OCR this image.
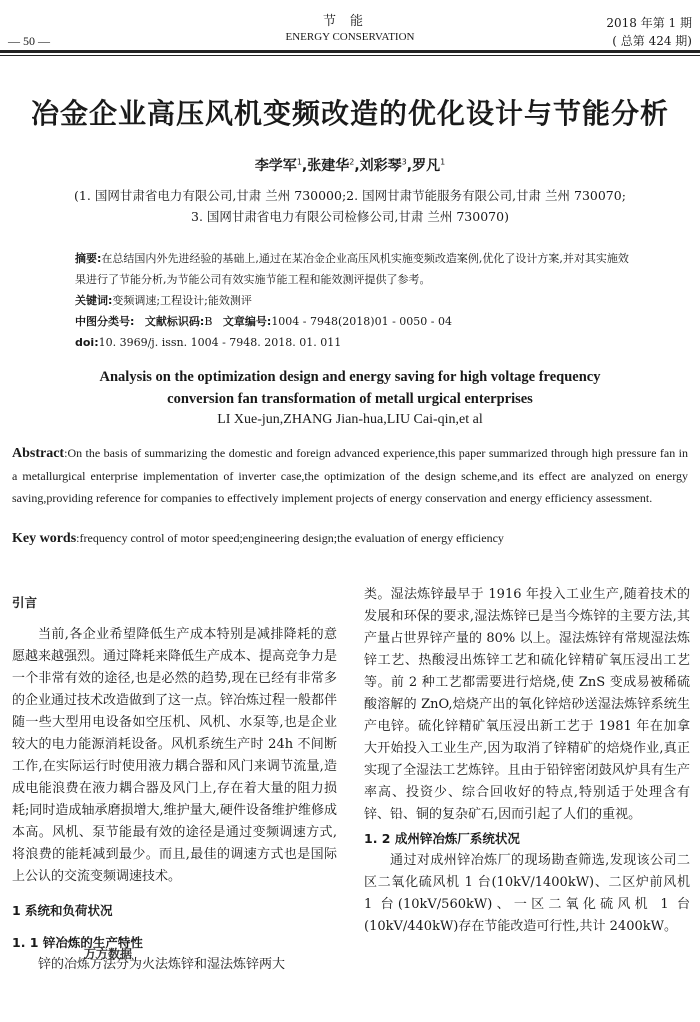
节能
ENERGY CONSERVATION
— 50 —
2018 年第 1 期
( 总第 424 期)
冶金企业高压风机变频改造的优化设计与节能分析
李学军$^1$,张建华$^2$,刘彩琴$^3$,罗凡$^1$
(1. 国网甘肃省电力有限公司,甘肃 兰州 730000;2. 国网甘肃节能服务有限公司,甘肃 兰州 730070;
3. 国网甘肃省电力有限公司检修公司,甘肃 兰州 730070)
摘要:在总结国内外先进经验的基础上,通过在某冶金企业高压风机实施变频改造案例,优化了设计方案,并对其实施效果进行了节能分析,为节能公司有效实施节能工程和能效测评提供了参考。
关键词:变频调速;工程设计;能效测评
中图分类号: 文献标识码:B 文章编号:1004 - 7948(2018)01 - 0050 - 04
doi:10. 3969/j. issn. 1004 - 7948. 2018. 01. 011
Analysis on the optimization design and energy saving for high voltage frequency
conversion fan transformation of metall urgical enterprises
LI Xue-jun,ZHANG Jian-hua,LIU Cai-qin,et al
Abstract:On the basis of summarizing the domestic and foreign advanced experience,this paper summarized through high pressure fan in a metallurgical enterprise implementation of inverter case,the optimization of the design scheme,and its effect are analyzed on energy saving,providing reference for companies to effectively implement projects of energy conservation and energy efficiency assessment.
Key words:frequency control of motor speed;engineering design;the evaluation of energy efficiency
引言

当前,各企业希望降低生产成本特别是减排降耗的意愿越来越强烈。通过降耗来降低生产成本、提高竞争力是一个非常有效的途径,也是必然的趋势,现在已经有非常多的企业通过技术改造做到了这一点。锌冶炼过程一般都伴随一些大型用电设备如空压机、风机、水泵等,也是企业较大的电力能源消耗设备。风机系统生产时 24h 不间断工作,在实际运行时使用液力耦合器和风门来调节流量,造成电能浪费在液力耦合器及风门上,存在着大量的阻力损耗;同时造成轴承磨损增大,维护量大,硬件设备维护维修成本高。风机、泵节能最有效的途径是通过变频调速方式,将浪费的能耗减到最少。而且,最佳的调速方式也是国际上公认的交流变频调速技术。

1 系统和负荷状况
1. 1 锌冶炼的生产特性

锌的冶炼方法分为火法炼锌和湿法炼锌两大
万方数据

类。湿法炼锌最早于 1916 年投入工业生产,随着技术的发展和环保的要求,湿法炼锌已是当今炼锌的主要方法,其产量占世界锌产量的 80% 以上。湿法炼锌有常规湿法炼锌工艺、热酸浸出炼锌工艺和硫化锌精矿氧压浸出工艺等。前 2 种工艺都需要进行焙烧,使 ZnS 变成易被稀硫酸溶解的 ZnO,焙烧产出的氧化锌焙砂送湿法炼锌系统生产电锌。硫化锌精矿氧压浸出新工艺于 1981 年在加拿大开始投入工业生产,因为取消了锌精矿的焙烧作业,真正实现了全湿法工艺炼锌。且由于铅锌密闭鼓风炉具有生产率高、投资少、综合回收好的特点,特别适于处理含有锌、铅、铜的复杂矿石,因而引起了人们的重视。

1. 2 成州锌冶炼厂系统状况

通过对成州锌冶炼厂的现场勘查筛选,发现该公司二区二氧化硫风机 1 台(10kV/1400kW)、二区炉前风机 1 台(10kV/560kW)、一区二氧化硫风机 1 台(10kV/440kW)存在节能改造可行性,共计 2400kW。
